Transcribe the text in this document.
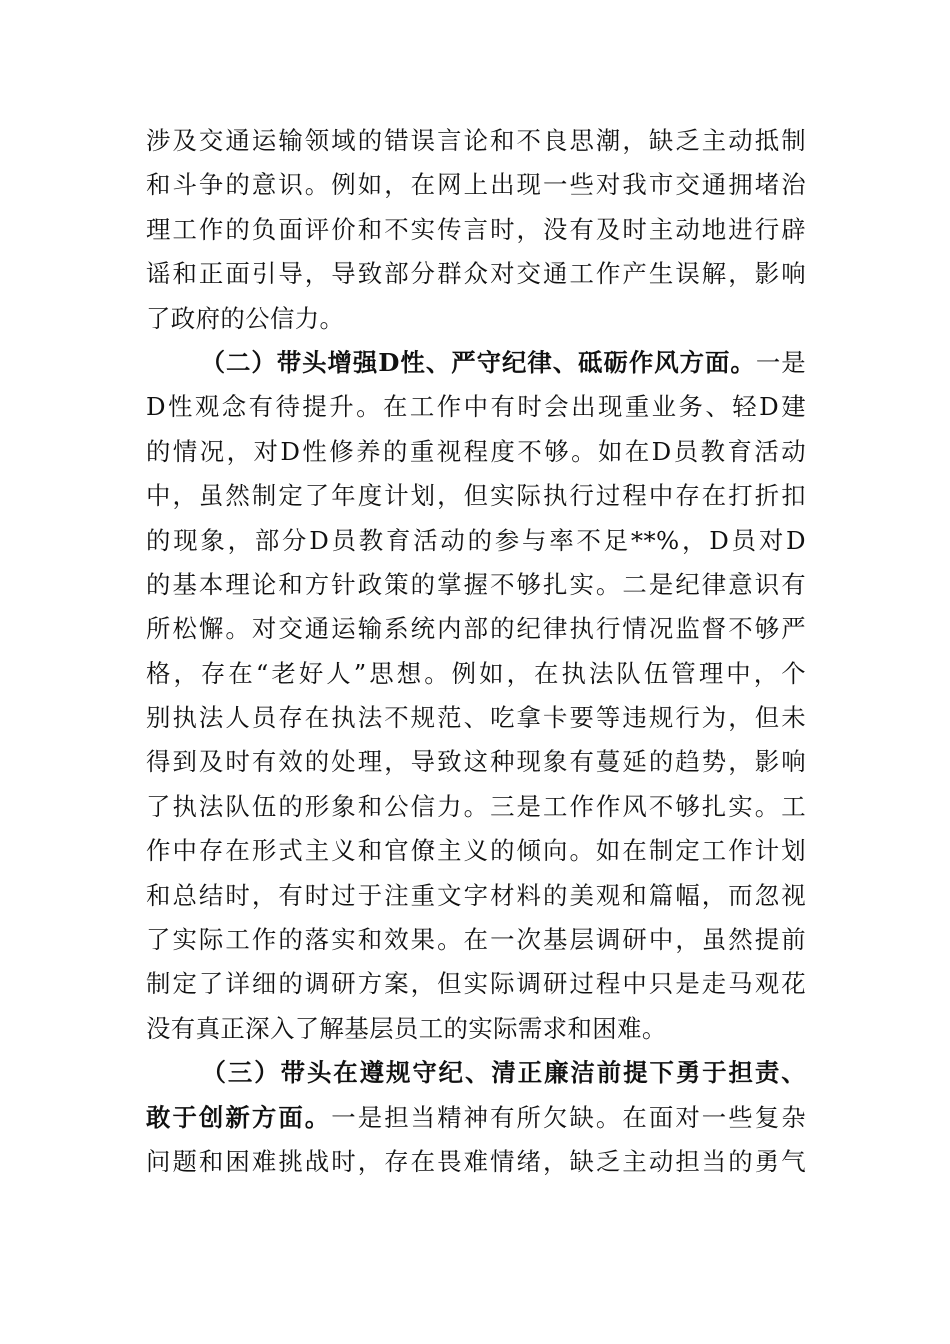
涉及交通运输领域的错误言论和不良思潮，缺乏主动抵制
和斗争的意识。例如，在网上出现一些对我市交通拥堵治
理工作的负面评价和不实传言时，没有及时主动地进行辟
谣和正面引导，导致部分群众对交通工作产生误解，影响
了政府的公信力。
（二）带头增强D性、严守纪律、砥砺作风方面。一是
D性观念有待提升。在工作中有时会出现重业务、轻D建
的情况，对D性修养的重视程度不够。如在D员教育活动
中，虽然制定了年度计划，但实际执行过程中存在打折扣
的现象，部分D员教育活动的参与率不足**%，D员对D
的基本理论和方针政策的掌握不够扎实。二是纪律意识有
所松懈。对交通运输系统内部的纪律执行情况监督不够严
格，存在“老好人”思想。例如，在执法队伍管理中，个
别执法人员存在执法不规范、吃拿卡要等违规行为，但未
得到及时有效的处理，导致这种现象有蔓延的趋势，影响
了执法队伍的形象和公信力。三是工作作风不够扎实。工
作中存在形式主义和官僚主义的倾向。如在制定工作计划
和总结时，有时过于注重文字材料的美观和篇幅，而忽视
了实际工作的落实和效果。在一次基层调研中，虽然提前
制定了详细的调研方案，但实际调研过程中只是走马观花
没有真正深入了解基层员工的实际需求和困难。
（三）带头在遵规守纪、清正廉洁前提下勇于担责、
敢于创新方面。一是担当精神有所欠缺。在面对一些复杂
问题和困难挑战时，存在畏难情绪，缺乏主动担当的勇气
